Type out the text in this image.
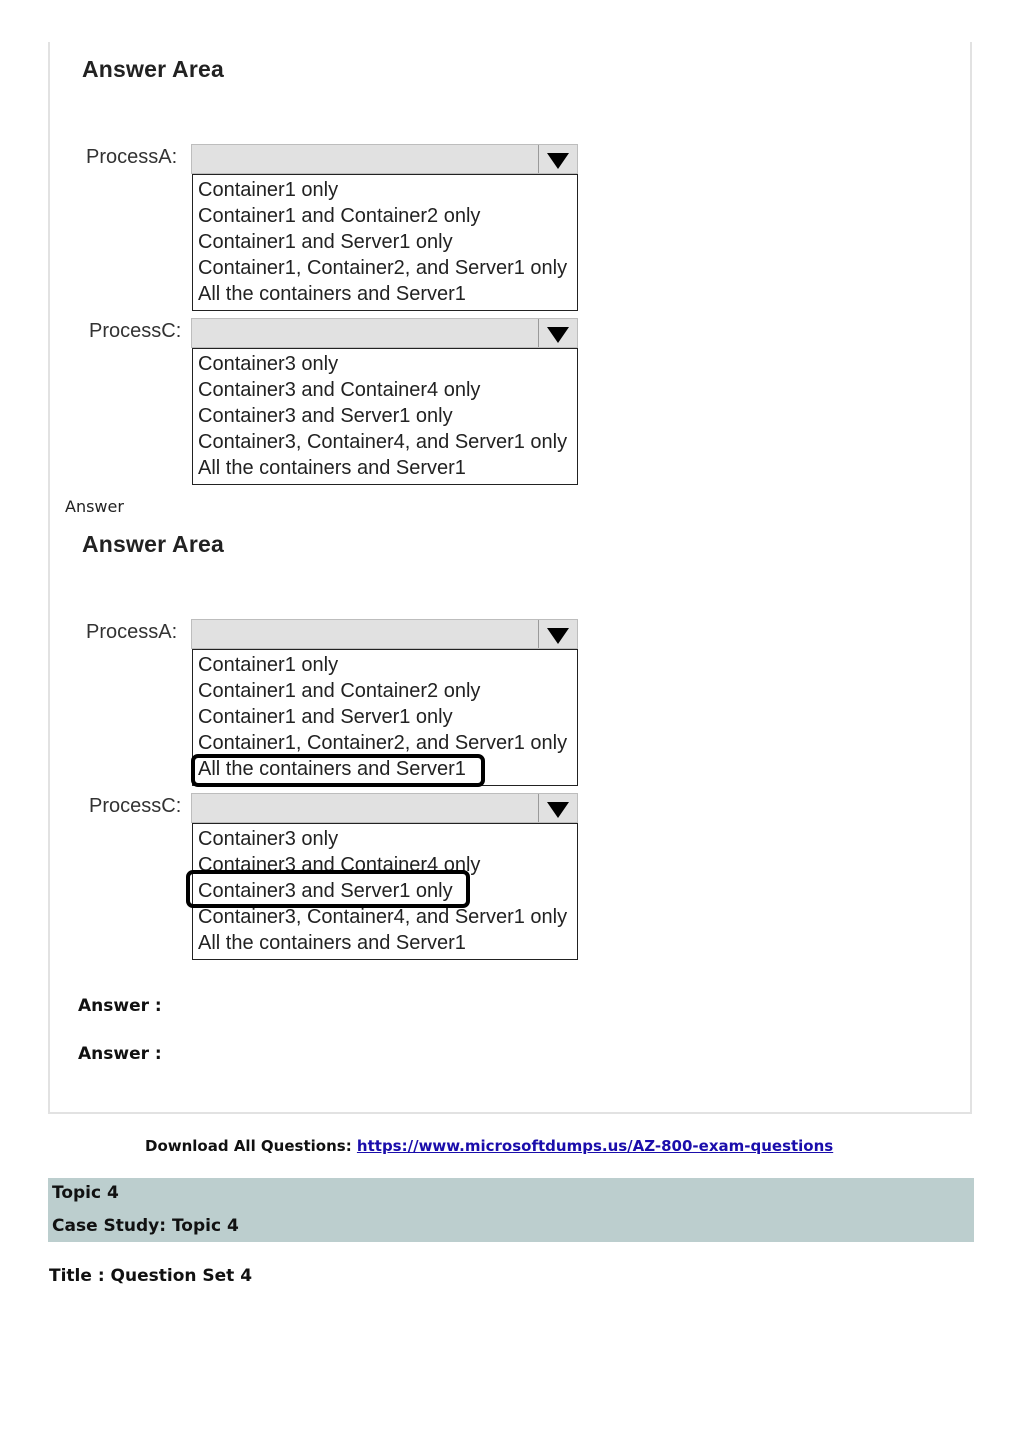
Answer Area
ProcessA:
Container1 only
Container1 and Container2 only
Container1 and Server1 only
Container1, Container2, and Server1 only
All the containers and Server1
ProcessC:
Container3 only
Container3 and Container4 only
Container3 and Server1 only
Container3, Container4, and Server1 only
All the containers and Server1
Answer
Answer Area
ProcessA:
Container1 only
Container1 and Container2 only
Container1 and Server1 only
Container1, Container2, and Server1 only
All the containers and Server1
ProcessC:
Container3 only
Container3 and Container4 only
Container3 and Server1 only
Container3, Container4, and Server1 only
All the containers and Server1
Answer :
Answer :
Download All Questions: https://www.microsoftdumps.us/AZ-800-exam-questions
Topic 4
Case Study: Topic 4
Title : Question Set 4
